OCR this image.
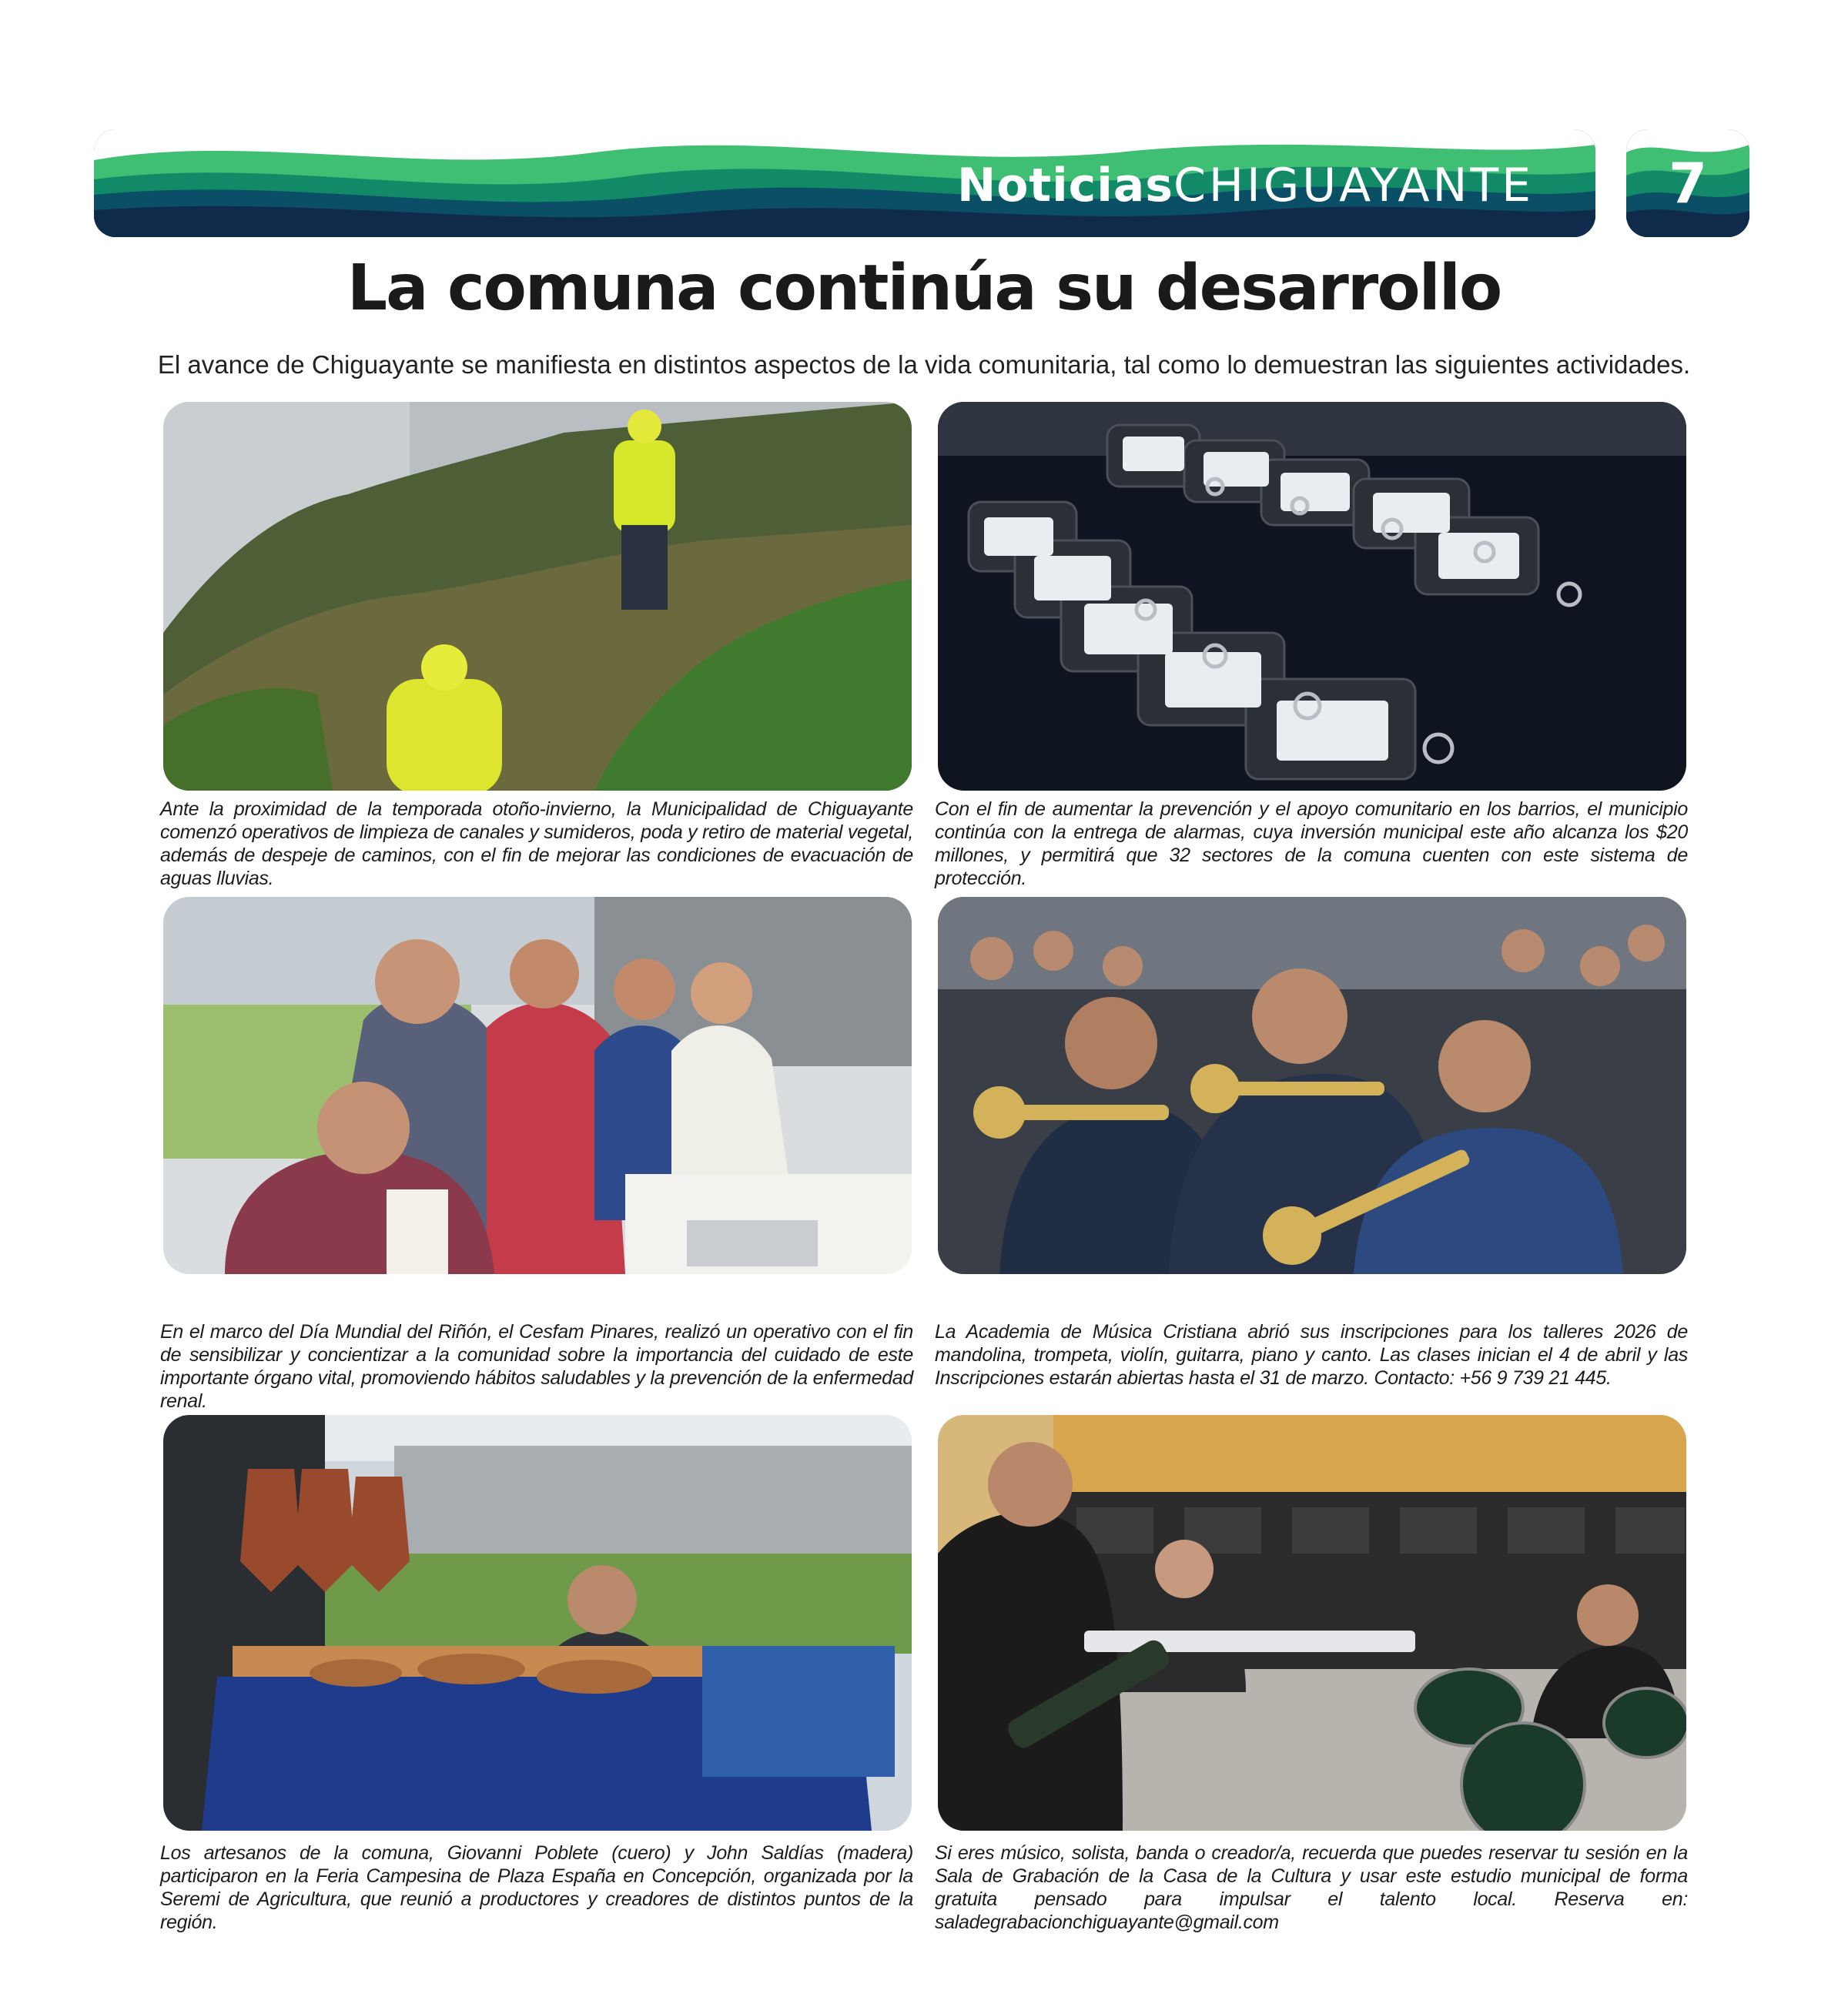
NoticiasCHIGUAYANTE	7
La comuna continúa su desarrollo
El avance de Chiguayante se manifiesta en distintos aspectos de la vida comunitaria, tal como lo demuestran las siguientes actividades.
Ante la proximidad de la temporada otoño-invierno, la Municipalidad de Chiguayante comenzó operativos de limpieza de canales y sumideros, poda y retiro de material vegetal, además de despeje de caminos, con el fin de mejorar las condiciones de evacuación de aguas lluvias.
Con el fin de aumentar la prevención y el apoyo comunitario en los barrios, el municipio continúa con la entrega de alarmas, cuya inversión municipal este año alcanza los $20 millones, y permitirá que 32 sectores de la comuna cuenten con este sistema de protección.
En el marco del Día Mundial del Riñón, el Cesfam Pinares, realizó un operativo con el fin de sensibilizar y concientizar a la comunidad sobre la importancia del cuidado de este importante órgano vital, promoviendo hábitos saludables y la prevención de la enfermedad renal.
La Academia de Música Cristiana abrió sus inscripciones para los talleres 2026 de mandolina, trompeta, violín, guitarra, piano y canto. Las clases inician el 4 de abril y las Inscripciones estarán abiertas hasta el 31 de marzo. Contacto: +56 9 739 21 445.
Los artesanos de la comuna, Giovanni Poblete (cuero) y John Saldías (madera) participaron en la Feria Campesina de Plaza España en Concepción, organizada por la Seremi de Agricultura, que reunió a productores y creadores de distintos puntos de la región.
Si eres músico, solista, banda o creador/a, recuerda que puedes reservar tu sesión en la Sala de Grabación de la Casa de la Cultura y usar este estudio municipal de forma gratuita pensado para impulsar el talento local. Reserva en: saladegrabacionchiguayante@gmail.com
